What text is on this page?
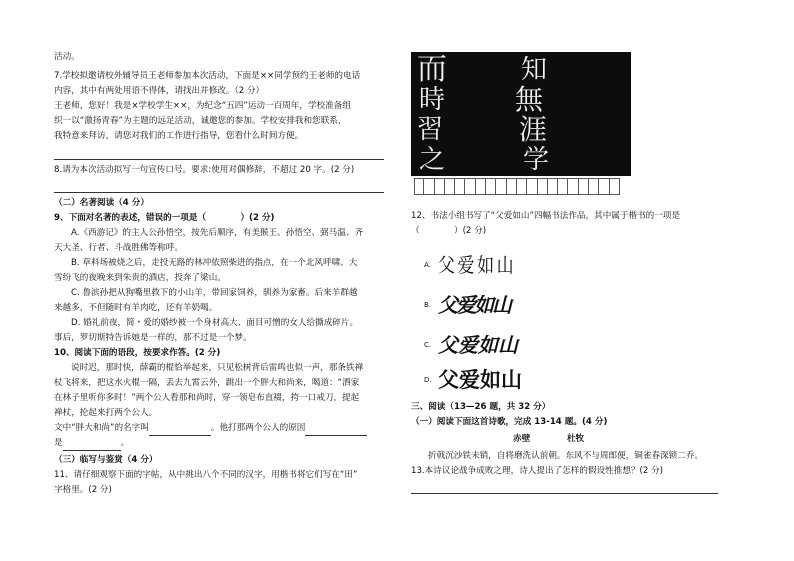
活动。

7.学校拟邀请校外辅导员王老师参加本次活动，下面是××同学预约王老师的电话

内容，其中有两处用语不得体，请找出并修改。（2 分）

王老师，您好！我是×学校学生××，为纪念“五四”运动一百周年，学校准备组

织一以“激扬青春”为主题的远足活动，诚邀您的参加。学校安排我和您联系，

我特意来拜访，请您对我们的工作进行指导，您看什么时间方便。

8.请为本次活动拟写一句宣传口号。要求:使用对偶修辞，不超过 20 字。(2 分)

（二）名著阅读（4 分）

9、下面对名著的表述，错误的一项是（　　　　）(2 分)

A.《西游记》的主人公孙悟空，按先后顺序，有美猴王、孙悟空、弼马温、齐

天大圣、行者、斗战胜佛等称呼。

B. 草料场被烧之后，走投无路的林冲依照柴进的指点，在一个北风呼啸、大

雪纷飞的夜晚来到朱贵的酒店，投奔了梁山。

C. 鲁滨孙把从狗嘴里救下的小山羊，带回家饲养，驯养为家畜。后来羊群越

来越多，不但随时有羊肉吃，还有羊奶喝。

D. 婚礼前夜，简・爱的婚纱被一个身材高大、面目可憎的女人给撕成碎片。

事后，罗切斯特告诉她是一样的，那不过是一个梦。

10、阅读下面的语段，按要求作答。(2 分)

说时迟，那时快，薛霸的棍恰举起来，只见松树背后雷鸣也似一声，那条铁禅

杖飞将来，把这水火棍一隔，丢去九霄云外，跳出一个胖大和尚来，喝道：“洒家

在林子里听你多时！”两个公人看那和尚时，穿一领皂布直裰，挎一口戒刀，提起

禅杖，抡起来打两个公人。

文中“胖大和尚”的名字叫	。他打那两个公人的原因

是	。

（三）临写与鉴赏（4 分）

11、请仔细观察下面的字帖，从中挑出八个不同的汉字，用楷书将它们写在“田”

字格里。(2 分)

而	知
時 無
習	涯
之	学

12、书法小组书写了“父爱如山”四幅书法作品，其中属于楷书的一项是

（　　　　）(2 分)

A. 父爱如山
B. 父爱如山
C. 父爱如山
D. 父爱如山

三、阅读（13—26 题，共 32 分）

（一）阅读下面这首诗歌，完成 13-14 题。(4 分)

赤壁	杜牧

折戟沉沙铁未销，自将磨洗认前朝。东风不与周郎便，铜雀春深锁二乔。

13.本诗议论战争成败之理，诗人提出了怎样的假设性推想？(2 分)
